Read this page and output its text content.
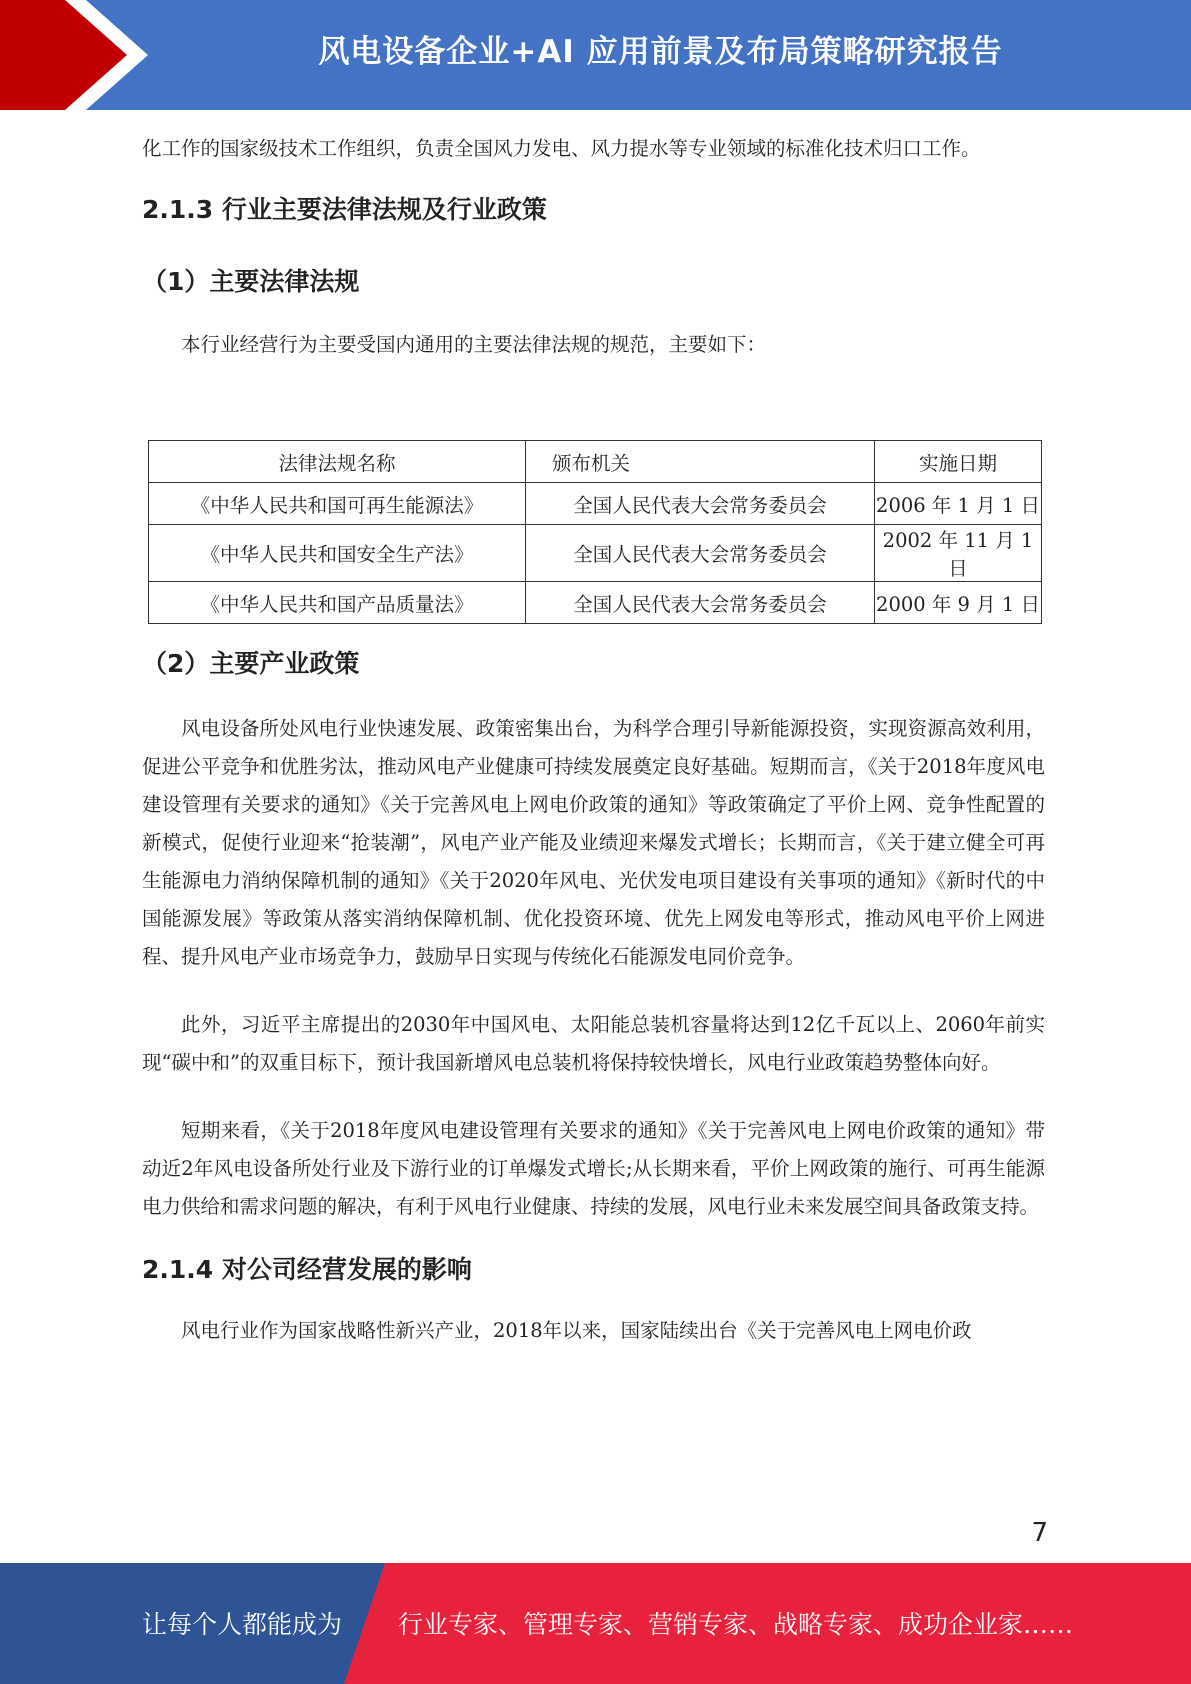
风电设备企业+AI 应用前景及布局策略研究报告

化工作的国家级技术工作组织，负责全国风力发电、风力提水等专业领域的标准化技术归口工作。

2.1.3 行业主要法律法规及行业政策
（1）主要法律法规

本行业经营行为主要受国内通用的主要法律法规的规范，主要如下：

法律法规名称	颁布机关	实施日期
《中华人民共和国可再生能源法》	全国人民代表大会常务委员会	2006 年 1 月 1 日
《中华人民共和国安全生产法》	全国人民代表大会常务委员会	2002 年 11 月 1 日
《中华人民共和国产品质量法》	全国人民代表大会常务委员会	2000 年 9 月 1 日
（2）主要产业政策

风电设备所处风电行业快速发展、政策密集出台，为科学合理引导新能源投资，实现资源高效利用，促进公平竞争和优胜劣汰，推动风电产业健康可持续发展奠定良好基础。短期而言，《关于2018年度风电建设管理有关要求的通知》《关于完善风电上网电价政策的通知》等政策确定了平价上网、竞争性配置的新模式，促使行业迎来“抢装潮”，风电产业产能及业绩迎来爆发式增长；长期而言，《关于建立健全可再生能源电力消纳保障机制的通知》《关于2020年风电、光伏发电项目建设有关事项的通知》《新时代的中国能源发展》等政策从落实消纳保障机制、优化投资环境、优先上网发电等形式，推动风电平价上网进程、提升风电产业市场竞争力，鼓励早日实现与传统化石能源发电同价竞争。

此外，习近平主席提出的2030年中国风电、太阳能总装机容量将达到12亿千瓦以上、2060年前实现“碳中和”的双重目标下，预计我国新增风电总装机将保持较快增长，风电行业政策趋势整体向好。

短期来看，《关于2018年度风电建设管理有关要求的通知》《关于完善风电上网电价政策的通知》带动近2年风电设备所处行业及下游行业的订单爆发式增长;从长期来看，平价上网政策的施行、可再生能源电力供给和需求问题的解决，有利于风电行业健康、持续的发展，风电行业未来发展空间具备政策支持。

2.1.4 对公司经营发展的影响

风电行业作为国家战略性新兴产业，2018年以来，国家陆续出台《关于完善风电上网电价政

7
让每个人都能成为 行业专家、管理专家、营销专家、战略专家、成功企业家……
